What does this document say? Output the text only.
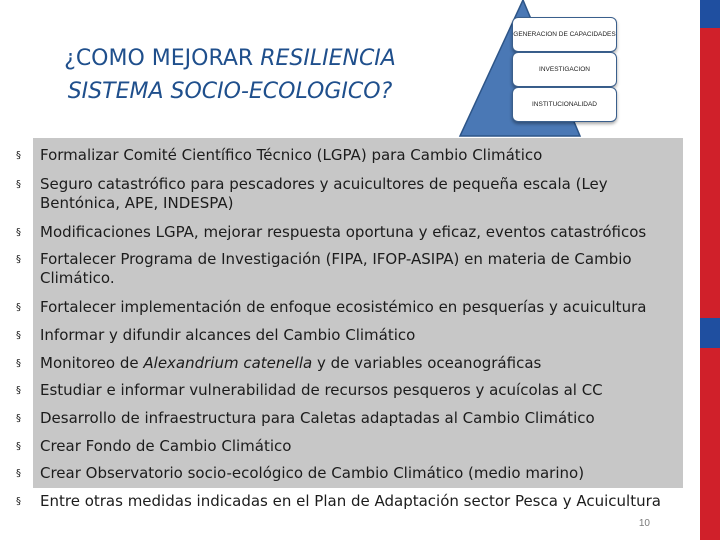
¿COMO MEJORAR RESILIENCIA
SISTEMA SOCIO-ECOLOGICO?
GENERACION DE CAPACIDADES
INVESTIGACION
INSTITUCIONALIDAD
§ Formalizar Comité Científico Técnico (LGPA) para Cambio Climático
§ Seguro catastrófico para pescadores y acuicultores de pequeña escala (Ley Bentónica, APE, INDESPA)
§ Modificaciones LGPA, mejorar respuesta oportuna y eficaz, eventos catastróficos
§ Fortalecer Programa de Investigación (FIPA, IFOP-ASIPA) en materia de Cambio Climático.
§ Fortalecer implementación de enfoque ecosistémico en pesquerías y acuicultura
§ Informar y difundir alcances del Cambio Climático
§ Monitoreo de Alexandrium catenella y de variables oceanográficas
§ Estudiar e informar vulnerabilidad de recursos pesqueros y acuícolas al CC
§ Desarrollo de infraestructura para Caletas adaptadas al Cambio Climático
§ Crear Fondo de Cambio Climático
§ Crear Observatorio socio-ecológico de Cambio Climático (medio marino)
§ Entre otras medidas indicadas en el Plan de Adaptación sector Pesca y Acuicultura
10
